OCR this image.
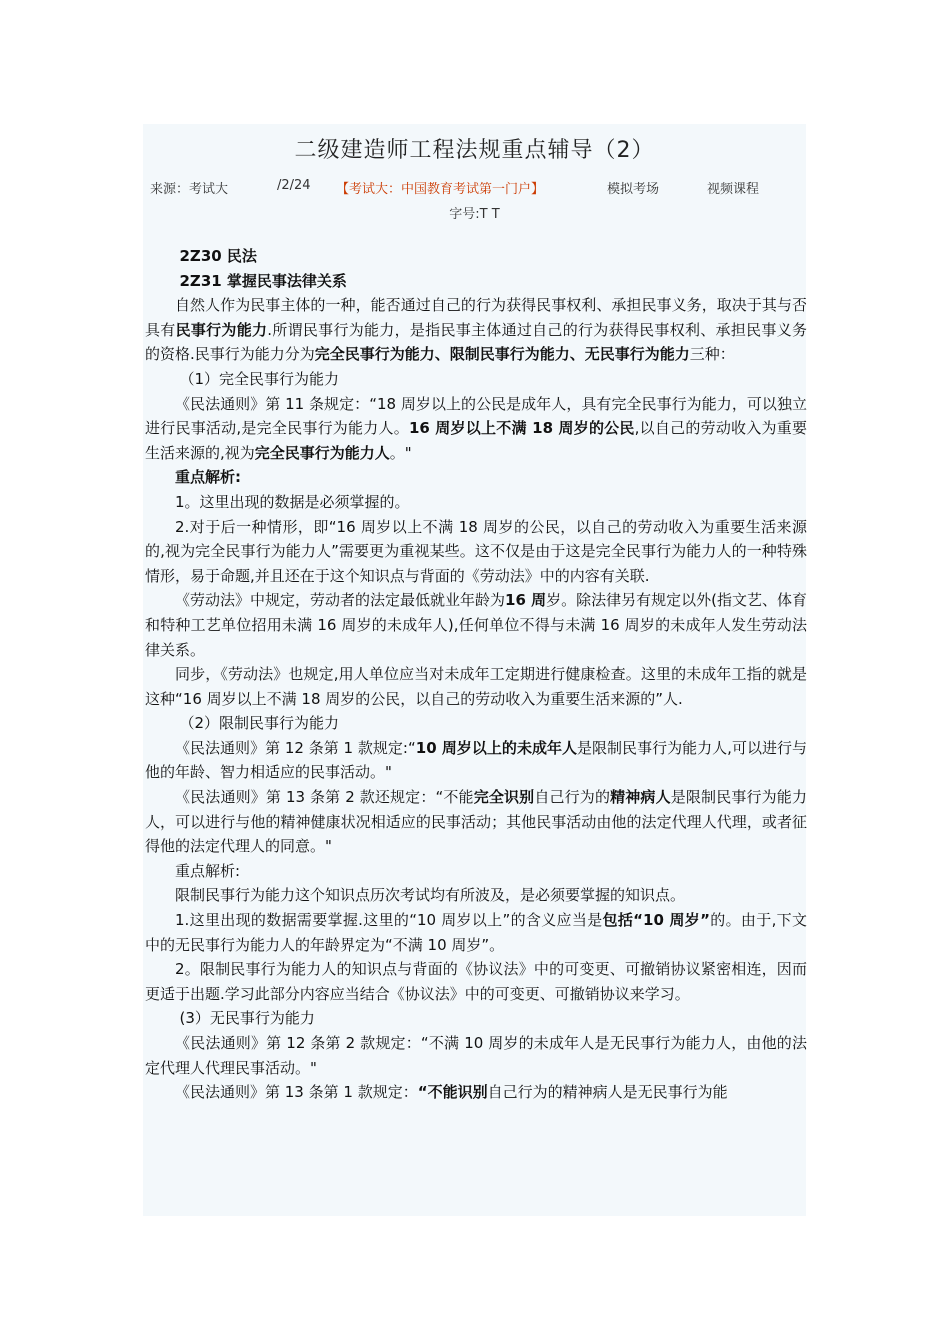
二级建造师工程法规重点辅导（2）
来源：考试大	/2/24 【考试大：中国教育考试第一门户】	模拟考场	视频课程
字号:T T

2Z30 民法

2Z31 掌握民事法律关系

自然人作为民事主体的一种，能否通过自己的行为获得民事权利、承担民事义务，取决于其与否具有民事行为能力.所谓民事行为能力，是指民事主体通过自己的行为获得民事权利、承担民事义务的资格.民事行为能力分为完全民事行为能力、限制民事行为能力、无民事行为能力三种：

（1）完全民事行为能力

《民法通则》第 11 条规定：“18 周岁以上的公民是成年人，具有完全民事行为能力，可以独立进行民事活动,是完全民事行为能力人。16 周岁以上不满 18 周岁的公民,以自己的劳动收入为重要生活来源的,视为完全民事行为能力人。"

重点解析:

1。这里出现的数据是必须掌握的。

2.对于后一种情形，即“16 周岁以上不满 18 周岁的公民，以自己的劳动收入为重要生活来源的,视为完全民事行为能力人”需要更为重视某些。这不仅是由于这是完全民事行为能力人的一种特殊情形，易于命题,并且还在于这个知识点与背面的《劳动法》中的内容有关联.

《劳动法》中规定，劳动者的法定最低就业年龄为16 周岁。除法律另有规定以外(指文艺、体育和特种工艺单位招用未满 16 周岁的未成年人),任何单位不得与未满 16 周岁的未成年人发生劳动法律关系。

同步，《劳动法》也规定,用人单位应当对未成年工定期进行健康检查。这里的未成年工指的就是这种“16 周岁以上不满 18 周岁的公民，以自己的劳动收入为重要生活来源的”人.

（2）限制民事行为能力

《民法通则》第 12 条第 1 款规定:“10 周岁以上的未成年人是限制民事行为能力人,可以进行与他的年龄、智力相适应的民事活动。"

《民法通则》第 13 条第 2 款还规定：“不能完全识别自己行为的精神病人是限制民事行为能力人，可以进行与他的精神健康状况相适应的民事活动；其他民事活动由他的法定代理人代理，或者征得他的法定代理人的同意。"

重点解析:

限制民事行为能力这个知识点历次考试均有所波及，是必须要掌握的知识点。

1.这里出现的数据需要掌握.这里的“10 周岁以上”的含义应当是包括“10 周岁”的。由于,下文中的无民事行为能力人的年龄界定为“不满 10 周岁”。

2。限制民事行为能力人的知识点与背面的《协议法》中的可变更、可撤销协议紧密相连，因而更适于出题.学习此部分内容应当结合《协议法》中的可变更、可撤销协议来学习。

(3）无民事行为能力

《民法通则》第 12 条第 2 款规定：“不满 10 周岁的未成年人是无民事行为能力人，由他的法定代理人代理民事活动。"

《民法通则》第 13 条第 1 款规定：“不能识别自己行为的精神病人是无民事行为能
